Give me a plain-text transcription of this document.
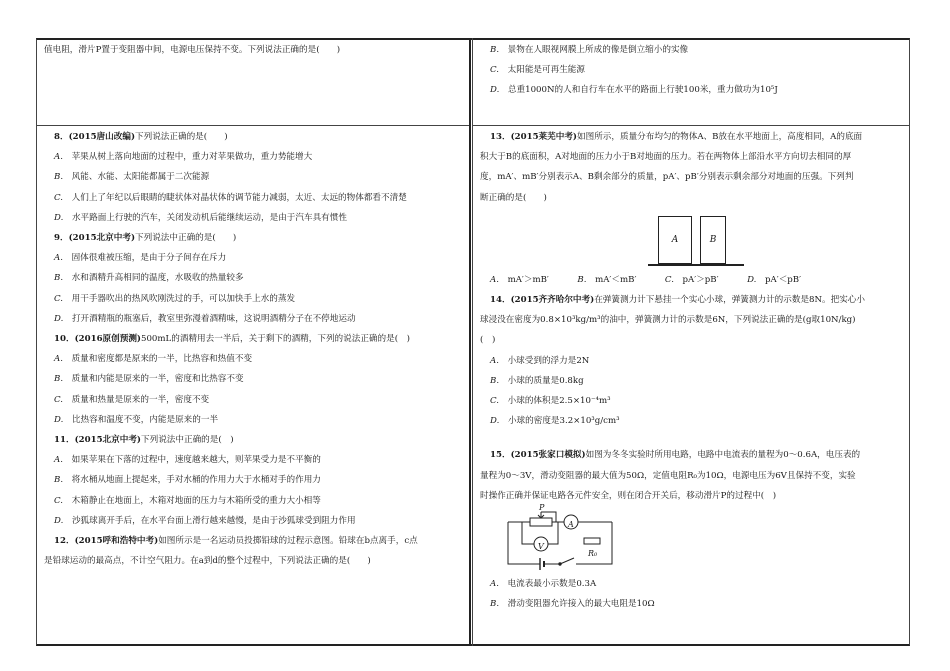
值电阻，滑片P置于变阻器中间，电源电压保持不变。下列说法正确的是(　　)

8．(2015唐山改编)下列说法正确的是(　　)

A.　 苹果从树上落向地面的过程中，重力对苹果做功，重力势能增大

B.　 风能、水能、太阳能都属于二次能源

C.　 人们上了年纪以后眼睛的睫状体对晶状体的调节能力减弱，太近、太远的物体都看不清楚

D.　 水平路面上行驶的汽车，关闭发动机后能继续运动，是由于汽车具有惯性

9．(2015北京中考)下列说法中正确的是(　　)

A.　 固体很难被压缩，是由于分子间存在斥力

B.　 水和酒精升高相同的温度，水吸收的热量较多

C.　 用干手器吹出的热风吹刚洗过的手，可以加快手上水的蒸发

D.　 打开酒精瓶的瓶塞后，教室里弥漫着酒精味，这说明酒精分子在不停地运动

10．(2016原创预测)500mL的酒精用去一半后，关于剩下的酒精，下列的说法正确的是(　)

A.　 质量和密度都是原来的一半，比热容和热值不变

B.　 质量和内能是原来的一半，密度和比热容不变

C.　 质量和热量是原来的一半，密度不变

D.　 比热容和温度不变，内能是原来的一半

11．(2015北京中考)下列说法中正确的是(　)

A.　 如果苹果在下落的过程中，速度越来越大，则苹果受力是不平衡的

B.　 将水桶从地面上提起来，手对水桶的作用力大于水桶对手的作用力

C.　 木箱静止在地面上，木箱对地面的压力与木箱所受的重力大小相等

D.　 沙狐球离开手后，在水平台面上滑行越来越慢，是由于沙狐球受到阻力作用

12．(2015呼和浩特中考)如图所示是一名运动员投掷铅球的过程示意图。铅球在b点离手，c点

是铅球运动的最高点，不计空气阻力。在a到d的整个过程中，下列说法正确的是(　　)

B.　 景物在人眼视网膜上所成的像是倒立缩小的实像

C.　 太阳能是可再生能源

D.　 总重1000N的人和自行车在水平的路面上行驶100米，重力做功为10⁵J

13．(2015莱芜中考)如图所示，质量分布均匀的物体A、B放在水平地面上，高度相同，A的底面

积大于B的底面积，A对地面的压力小于B对地面的压力。若在两物体上部沿水平方向切去相同的厚

度，mA′、mB′分别表示A、B剩余部分的质量，pA′、pB′分别表示剩余部分对地面的压强。下列判

断正确的是(　　)

A	B

A.　 mA′＞mB′　　　	B.　 mA′＜mB′　　　	C.　 pA′＞pB′　　　	D.　 pA′＜pB′

14．(2015齐齐哈尔中考)在弹簧测力计下悬挂一个实心小球，弹簧测力计的示数是8N。把实心小

球浸没在密度为0.8×10³kg/m³的油中，弹簧测力计的示数是6N，下列说法正确的是(g取10N/kg)

(　)

A.　 小球受到的浮力是2N

B.　 小球的质量是0.8kg

C.　 小球的体积是2.5×10⁻⁴m³

D.　 小球的密度是3.2×10³g/cm³

15．(2015张家口模拟)如图为冬冬实验时所用电路，电路中电流表的量程为0～0.6A，电压表的

量程为0～3V，滑动变阻器的最大值为50Ω，定值电阻R₀为10Ω，电源电压为6V且保持不变，实验

时操作正确并保证电路各元件安全，则在闭合开关后，移动滑片P的过程中(　)

P
A
V
R₀

A.　 电流表最小示数是0.3A

B.　 滑动变阻器允许接入的最大电阻是10Ω
